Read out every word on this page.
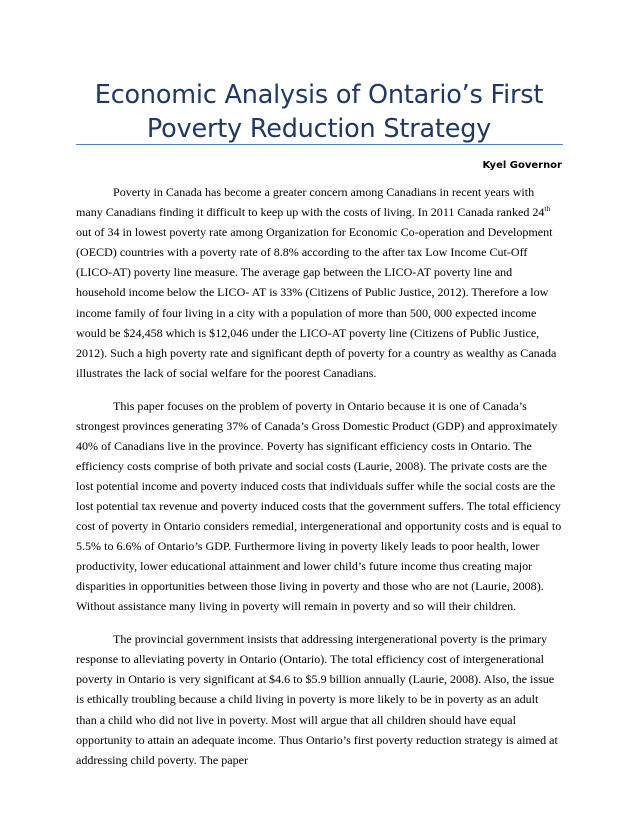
Economic Analysis of Ontario’s First Poverty Reduction Strategy
Kyel Governor

Poverty in Canada has become a greater concern among Canadians in recent years with many Canadians finding it difficult to keep up with the costs of living. In 2011 Canada ranked 24th out of 34 in lowest poverty rate among Organization for Economic Co-operation and Development (OECD) countries with a poverty rate of 8.8% according to the after tax Low Income Cut-Off (LICO-AT) poverty line measure. The average gap between the LICO-AT poverty line and household income below the LICO- AT is 33% (Citizens of Public Justice, 2012). Therefore a low income family of four living in a city with a population of more than 500, 000 expected income would be $24,458 which is $12,046 under the LICO-AT poverty line (Citizens of Public Justice, 2012). Such a high poverty rate and significant depth of poverty for a country as wealthy as Canada illustrates the lack of social welfare for the poorest Canadians.

This paper focuses on the problem of poverty in Ontario because it is one of Canada’s strongest provinces generating 37% of Canada’s Gross Domestic Product (GDP) and approximately 40% of Canadians live in the province. Poverty has significant efficiency costs in Ontario. The efficiency costs comprise of both private and social costs (Laurie, 2008). The private costs are the lost potential income and poverty induced costs that individuals suffer while the social costs are the lost potential tax revenue and poverty induced costs that the government suffers. The total efficiency cost of poverty in Ontario considers remedial, intergenerational and opportunity costs and is equal to 5.5% to 6.6% of Ontario’s GDP. Furthermore living in poverty likely leads to poor health, lower productivity, lower educational attainment and lower child’s future income thus creating major disparities in opportunities between those living in poverty and those who are not (Laurie, 2008). Without assistance many living in poverty will remain in poverty and so will their children.

The provincial government insists that addressing intergenerational poverty is the primary response to alleviating poverty in Ontario (Ontario). The total efficiency cost of intergenerational poverty in Ontario is very significant at $4.6 to $5.9 billion annually (Laurie, 2008). Also, the issue is ethically troubling because a child living in poverty is more likely to be in poverty as an adult than a child who did not live in poverty. Most will argue that all children should have equal opportunity to attain an adequate income. Thus Ontario’s first poverty reduction strategy is aimed at addressing child poverty. The paper
